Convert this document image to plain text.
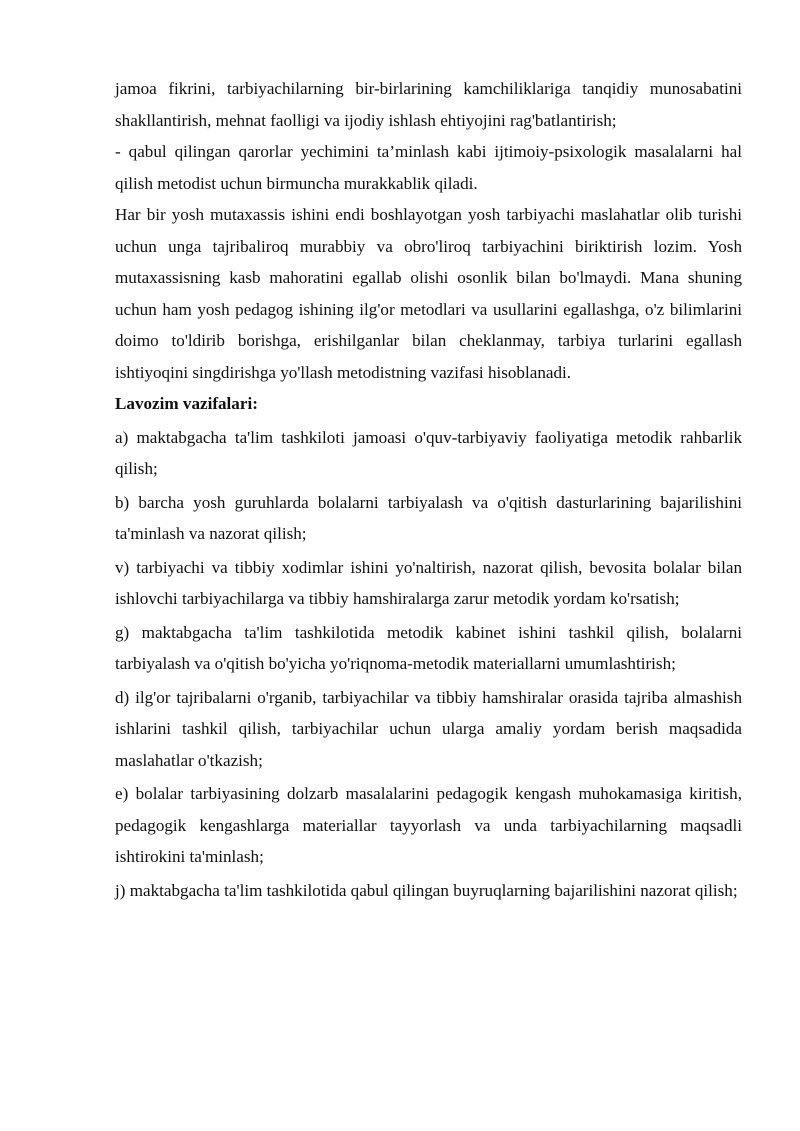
jamoa fikrini, tarbiyachilarning bir-birlarining kamchiliklariga tanqidiy munosabatini shakllantirish, mehnat faolligi va ijodiy ishlash ehtiyojini rag'batlantirish;

- qabul qilingan qarorlar yechimini ta’minlash kabi ijtimoiy-psixologik masalalarni hal qilish metodist uchun birmuncha murakkablik qiladi.

Har bir yosh mutaxassis ishini endi boshlayotgan yosh tarbiyachi maslahatlar olib turishi uchun unga tajribaliroq murabbiy va obro'liroq tarbiyachini biriktirish lozim. Yosh mutaxassisning kasb mahoratini egallab olishi osonlik bilan bo'lmaydi. Mana shuning uchun ham yosh pedagog ishining ilg'or metodlari va usullarini egallashga, o'z bilimlarini doimo to'ldirib borishga, erishilganlar bilan cheklanmay, tarbiya turlarini egallash ishtiyoqini singdirishga yo'llash metodistning vazifasi hisoblanadi.

Lavozim vazifalari:

a) maktabgacha ta'lim tashkiloti jamoasi o'quv-tarbiyaviy faoliyatiga metodik rahbarlik qilish;

b) barcha yosh guruhlarda bolalarni tarbiyalash va o'qitish dasturlarining bajarilishini ta'minlash va nazorat qilish;

v) tarbiyachi va tibbiy xodimlar ishini yo'naltirish, nazorat qilish, bevosita bolalar bilan ishlovchi tarbiyachilarga va tibbiy hamshiralarga zarur metodik yordam ko'rsatish;

g) maktabgacha ta'lim tashkilotida metodik kabinet ishini tashkil qilish, bolalarni tarbiyalash va o'qitish bo'yicha yo'riqnoma-metodik materiallarni umumlashtirish;

d) ilg'or tajribalarni o'rganib, tarbiyachilar va tibbiy hamshiralar orasida tajriba almashish ishlarini tashkil qilish, tarbiyachilar uchun ularga amaliy yordam berish maqsadida maslahatlar o'tkazish;

e) bolalar tarbiyasining dolzarb masalalarini pedagogik kengash muhokamasiga kiritish, pedagogik kengashlarga materiallar tayyorlash va unda tarbiyachilarning maqsadli ishtirokini ta'minlash;

j) maktabgacha ta'lim tashkilotida qabul qilingan buyruqlarning bajarilishini nazorat qilish;
